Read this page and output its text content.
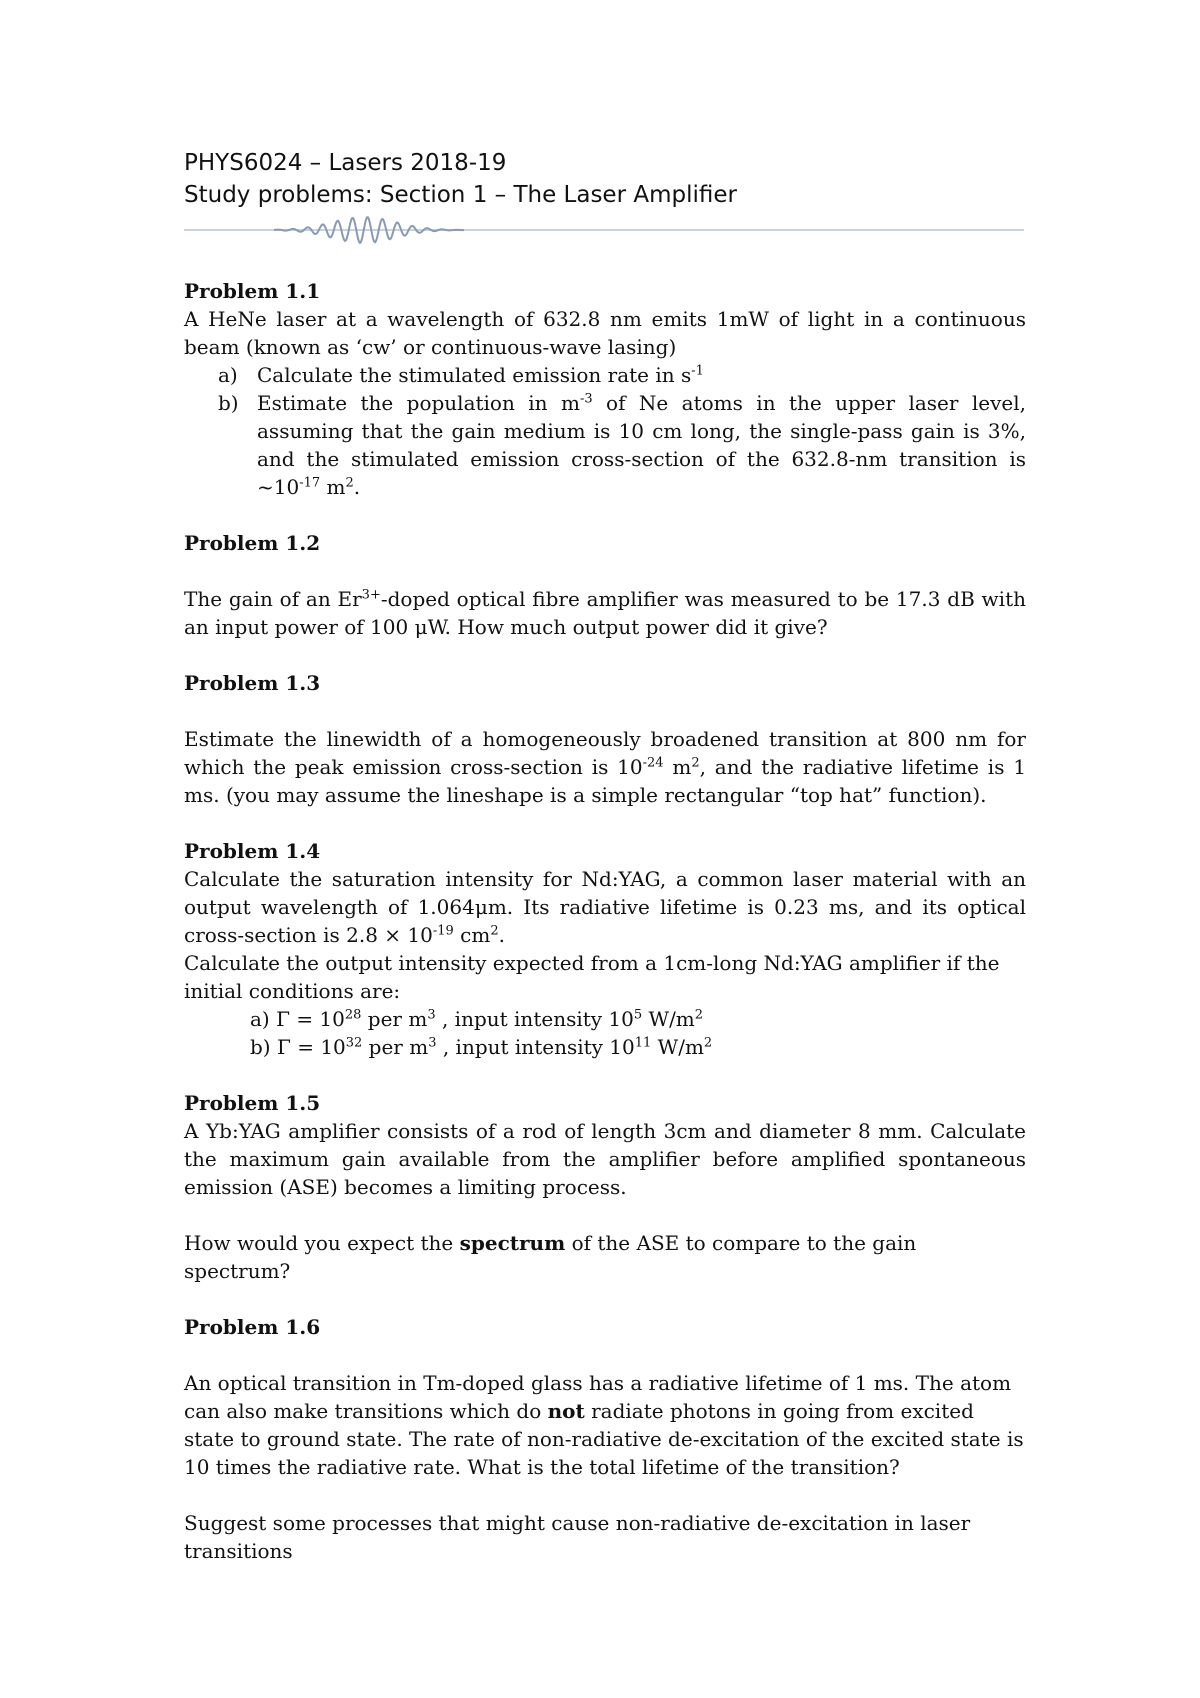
PHYS6024 – Lasers 2018-19
Study problems: Section 1 – The Laser Amplifier

Problem 1.1

A HeNe laser at a wavelength of 632.8 nm emits 1mW of light in a continuous beam (known as ‘cw’ or continuous-wave lasing)

a) Calculate the stimulated emission rate in $s^{-1}$
b) Estimate the population in $m^{-3}$ of Ne atoms in the upper laser level, assuming that the gain medium is 10 cm long, the single-pass gain is 3%, and the stimulated emission cross-section of the 632.8-nm transition is $\sim 10^{-17}$ $m^2$.

Problem 1.2

The gain of an $Er^{3+}$-doped optical fibre amplifier was measured to be 17.3 dB with an input power of 100 μW. How much output power did it give?

Problem 1.3

Estimate the linewidth of a homogeneously broadened transition at 800 nm for which the peak emission cross-section is $10^{-24}$ $m^2$, and the radiative lifetime is 1 ms. (you may assume the lineshape is a simple rectangular “top hat” function).

Problem 1.4

Calculate the saturation intensity for Nd:YAG, a common laser material with an output wavelength of 1.064μm. Its radiative lifetime is 0.23 ms, and its optical cross-section is $2.8 \times 10^{-19}$ $cm^2$.

Calculate the output intensity expected from a 1cm-long Nd:YAG amplifier if the initial conditions are:

a) $\Gamma = 10^{28}$ per $m^3$ , input intensity $10^5$ $W/m^2$

b) $\Gamma = 10^{32}$ per $m^3$ , input intensity $10^{11}$ $W/m^2$

Problem 1.5

A Yb:YAG amplifier consists of a rod of length 3cm and diameter 8 mm. Calculate the maximum gain available from the amplifier before amplified spontaneous emission (ASE) becomes a limiting process.

How would you expect the spectrum of the ASE to compare to the gain spectrum?

Problem 1.6

An optical transition in Tm-doped glass has a radiative lifetime of 1 ms. The atom can also make transitions which do not radiate photons in going from excited state to ground state. The rate of non-radiative de-excitation of the excited state is 10 times the radiative rate. What is the total lifetime of the transition?

Suggest some processes that might cause non-radiative de-excitation in laser transitions
